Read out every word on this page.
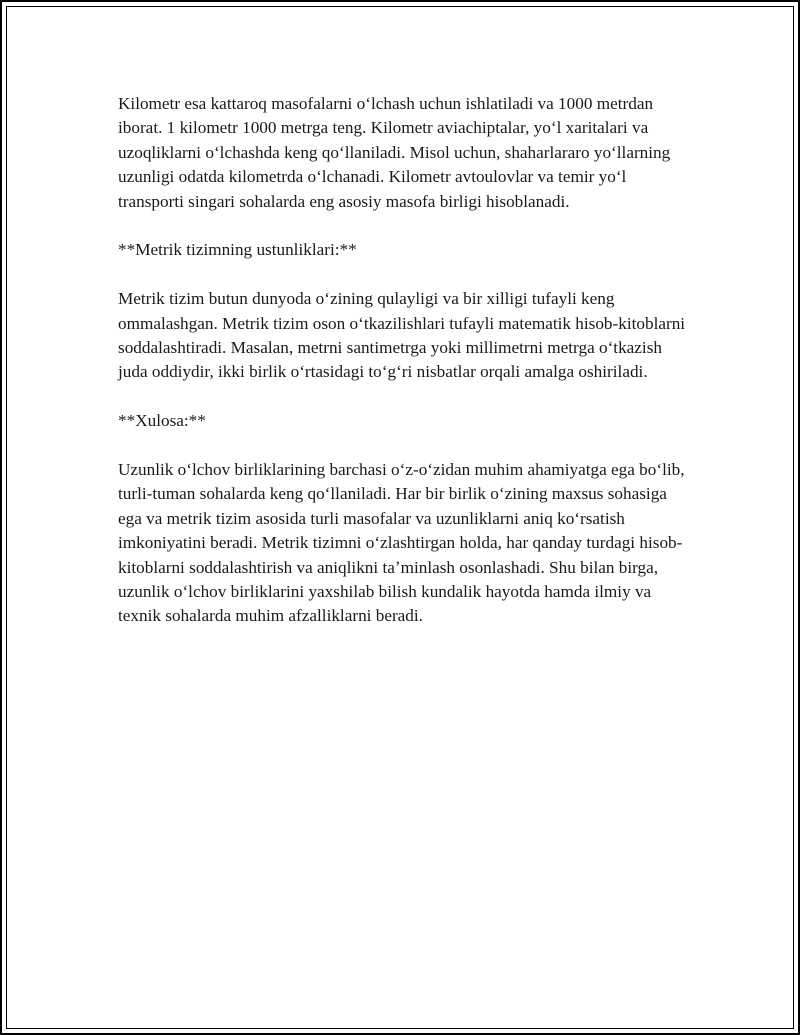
Kilometr esa kattaroq masofalarni oʻlchash uchun ishlatiladi va 1000 metrdan iborat. 1 kilometr 1000 metrga teng. Kilometr aviachiptalar, yoʻl xaritalari va uzoqliklarni oʻlchashda keng qoʻllaniladi. Misol uchun, shaharlararo yoʻllarning uzunligi odatda kilometrda oʻlchanadi. Kilometr avtoulovlar va temir yoʻl transporti singari sohalarda eng asosiy masofa birligi hisoblanadi.

**Metrik tizimning ustunliklari:**

Metrik tizim butun dunyoda oʻzining qulayligi va bir xilligi tufayli keng ommalashgan. Metrik tizim oson oʻtkazilishlari tufayli matematik hisob-kitoblarni soddalashtiradi. Masalan, metrni santimetrga yoki millimetrni metrga oʻtkazish juda oddiydir, ikki birlik oʻrtasidagi toʻgʻri nisbatlar orqali amalga oshiriladi.

**Xulosa:**

Uzunlik oʻlchov birliklarining barchasi oʻz-oʻzidan muhim ahamiyatga ega boʻlib, turli-tuman sohalarda keng qoʻllaniladi. Har bir birlik oʻzining maxsus sohasiga ega va metrik tizim asosida turli masofalar va uzunliklarni aniq koʻrsatish imkoniyatini beradi. Metrik tizimni oʻzlashtirgan holda, har qanday turdagi hisob-kitoblarni soddalashtirish va aniqlikni taʼminlash osonlashadi. Shu bilan birga, uzunlik oʻlchov birliklarini yaxshilab bilish kundalik hayotda hamda ilmiy va texnik sohalarda muhim afzalliklarni beradi.
